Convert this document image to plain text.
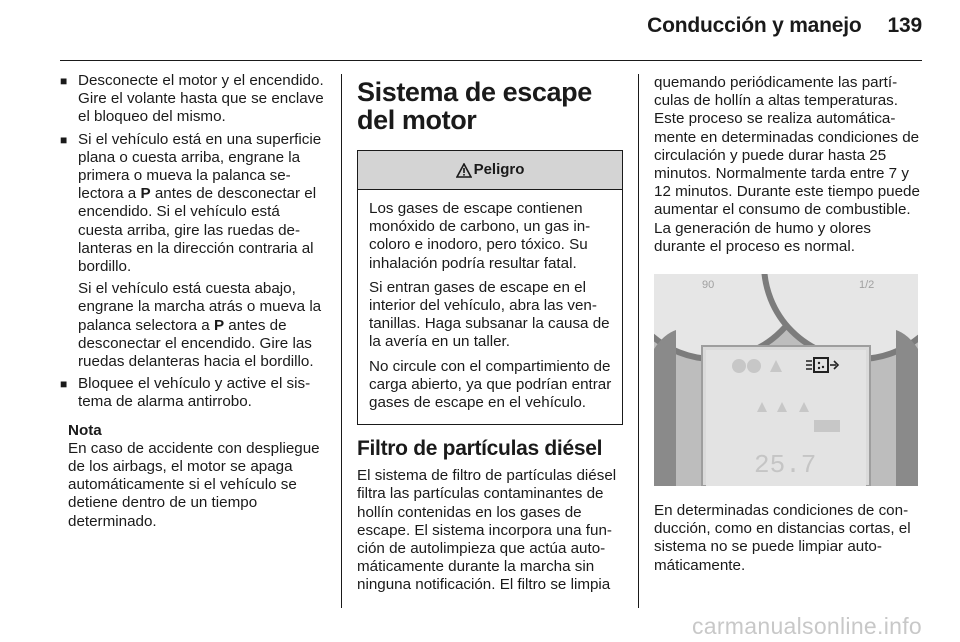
Conducción y manejo 139
■ Desconecte el motor y el encendido. Gire el volante hasta que se enclave el bloqueo del mismo.
■ Si el vehículo está en una superficie plana o cuesta arriba, engrane la primera o mueva la palanca selectora a P antes de desconectar el encendido. Si el vehículo está cuesta arriba, gire las ruedas delanteras en la dirección contraria al bordillo.
Si el vehículo está cuesta abajo, engrane la marcha atrás o mueva la palanca selectora a P antes de desconectar el encendido. Gire las ruedas delanteras hacia el bordillo.
■ Bloquee el vehículo y active el sistema de alarma antirrobo.
Nota
En caso de accidente con despliegue de los airbags, el motor se apaga automáticamente si el vehículo se detiene dentro de un tiempo determinado.
Sistema de escape del motor
Peligro

Los gases de escape contienen monóxido de carbono, un gas incoloro e inodoro, pero tóxico. Su inhalación podría resultar fatal.

Si entran gases de escape en el interior del vehículo, abra las ventanillas. Haga subsanar la causa de la avería en un taller.

No circule con el compartimiento de carga abierto, ya que podrían entrar gases de escape en el vehículo.

Filtro de partículas diésel

El sistema de filtro de partículas diésel filtra las partículas contaminantes de hollín contenidas en los gases de escape. El sistema incorpora una función de autolimpieza que actúa automáticamente durante la marcha sin ninguna notificación. El filtro se limpia

quemando periódicamente las partículas de hollín a altas temperaturas. Este proceso se realiza automáticamente en determinadas condiciones de circulación y puede durar hasta 25 minutos. Normalmente tarda entre 7 y 12 minutos. Durante este tiempo puede aumentar el consumo de combustible. La generación de humo y olores durante el proceso es normal.

90	1/2
25.7

En determinadas condiciones de conducción, como en distancias cortas, el sistema no se puede limpiar automáticamente.

carmanualsonline.info
